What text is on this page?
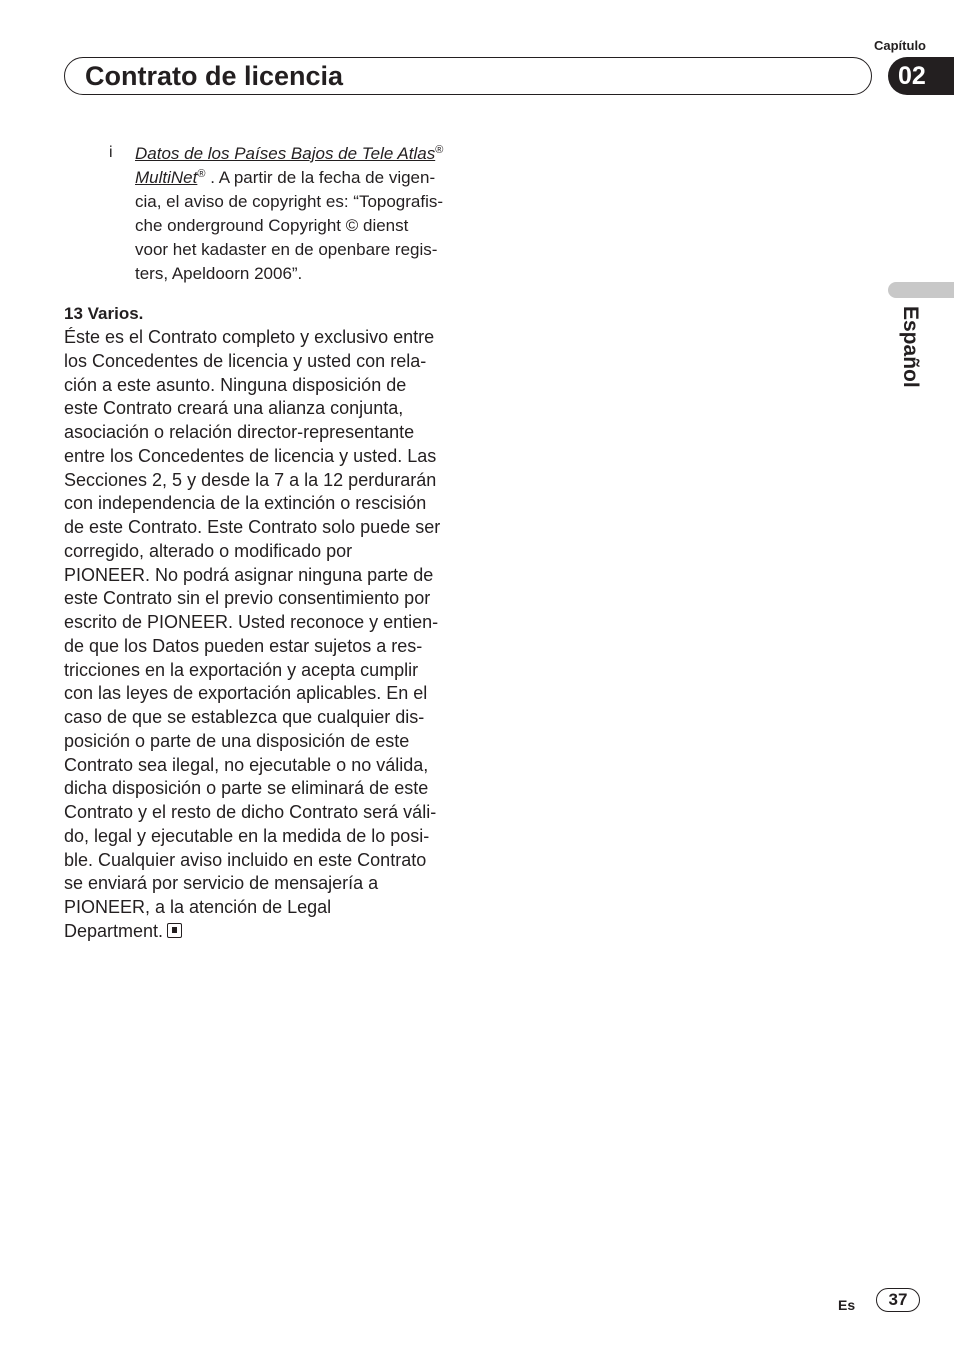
Capítulo
Contrato de licencia	02
Español
i Datos de los Países Bajos de Tele Atlas®
MultiNet® . A partir de la fecha de vigen-
cia, el aviso de copyright es: “Topografis-
che onderground Copyright © dienst
voor het kadaster en de openbare regis-
ters, Apeldoorn 2006”.
13 Varios.
Éste es el Contrato completo y exclusivo entre
los Concedentes de licencia y usted con rela-
ción a este asunto. Ninguna disposición de
este Contrato creará una alianza conjunta,
asociación o relación director-representante
entre los Concedentes de licencia y usted. Las
Secciones 2, 5 y desde la 7 a la 12 perdurarán
con independencia de la extinción o rescisión
de este Contrato. Este Contrato solo puede ser
corregido, alterado o modificado por
PIONEER. No podrá asignar ninguna parte de
este Contrato sin el previo consentimiento por
escrito de PIONEER. Usted reconoce y entien-
de que los Datos pueden estar sujetos a res-
tricciones en la exportación y acepta cumplir
con las leyes de exportación aplicables. En el
caso de que se establezca que cualquier dis-
posición o parte de una disposición de este
Contrato sea ilegal, no ejecutable o no válida,
dicha disposición o parte se eliminará de este
Contrato y el resto de dicho Contrato será váli-
do, legal y ejecutable en la medida de lo posi-
ble. Cualquier aviso incluido en este Contrato
se enviará por servicio de mensajería a
PIONEER, a la atención de Legal
Department.
Es	37
